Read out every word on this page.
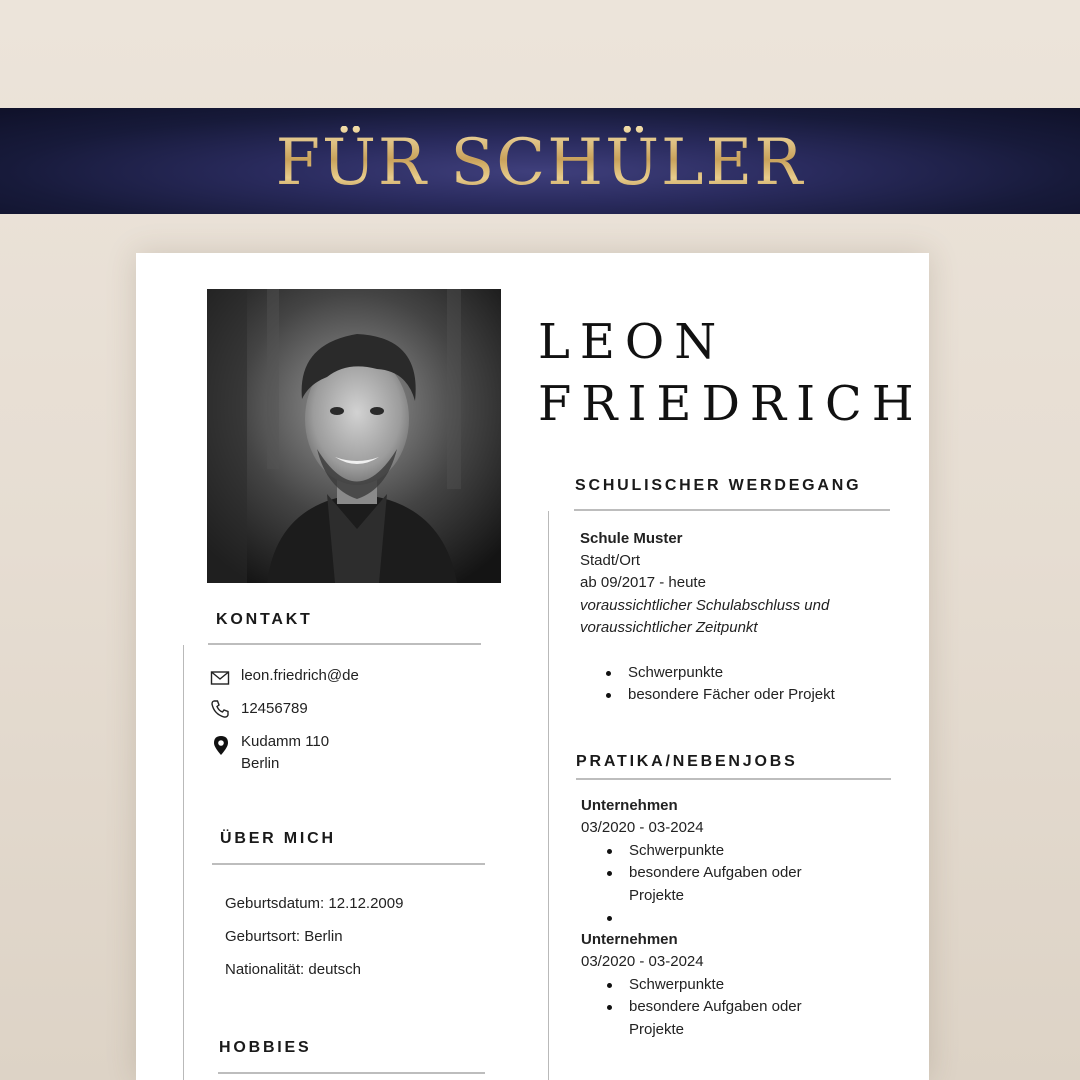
FÜR SCHÜLER
LEON
FRIEDRICH
KONTAKT
leon.friedrich@de
12456789
Kudamm 110
Berlin
ÜBER MICH
Geburtsdatum: 12.12.2009
Geburtsort: Berlin
Nationalität: deutsch
HOBBIES
SCHULISCHER WERDEGANG
Schule Muster
Stadt/Ort
ab 09/2017 - heute
voraussichtlicher Schulabschluss und
voraussichtlicher Zeitpunkt
Schwerpunkte
besondere Fächer oder Projekt
PRATIKA/NEBENJOBS
Unternehmen
03/2020 - 03-2024
Schwerpunkte
besondere Aufgaben oder
Projekte
Unternehmen
03/2020 - 03-2024
Schwerpunkte
besondere Aufgaben oder
Projekte
